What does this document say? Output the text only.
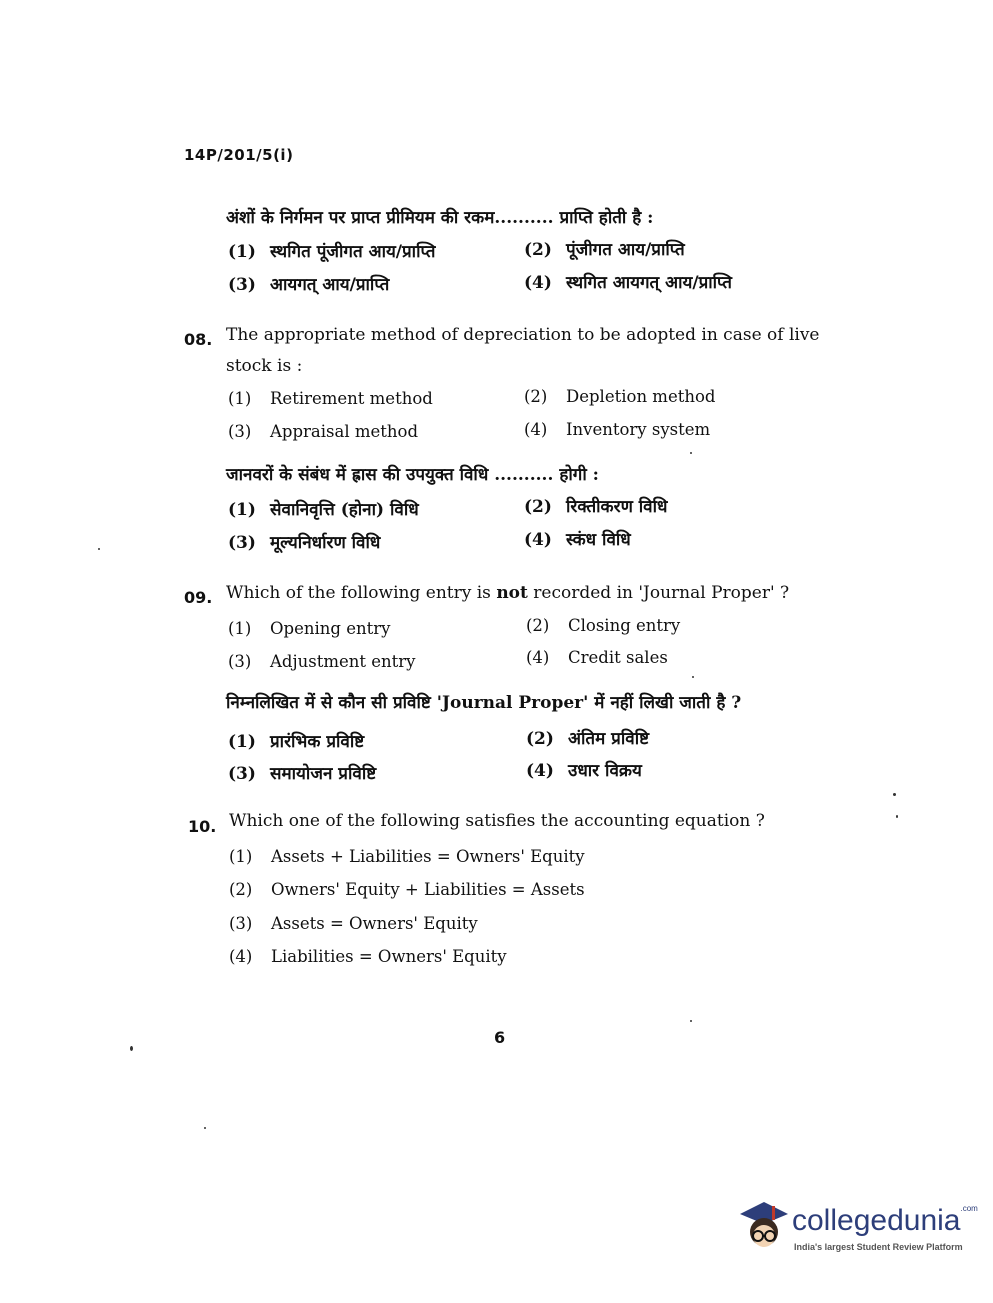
14P/201/5(i)
अंशों के निर्गमन पर प्राप्त प्रीमियम की रकम.......... प्राप्ति होती है :
(1) स्थगित पूंजीगत आय/प्राप्ति	(2) पूंजीगत आय/प्राप्ति
(3) आयगत् आय/प्राप्ति	(4) स्थगित आयगत् आय/प्राप्ति
08. The appropriate method of depreciation to be adopted in case of live
stock is :
(1) Retirement method	(2) Depletion method
(3) Appraisal method	(4) Inventory system
जानवरों के संबंध में ह्रास की उपयुक्त विधि .......... होगी :
(1) सेवानिवृत्ति (होना) विधि	(2) रिक्तीकरण विधि
(3) मूल्यनिर्धारण विधि	(4) स्कंध विधि
09. Which of the following entry is not recorded in 'Journal Proper' ?
(1) Opening entry	(2) Closing entry
(3) Adjustment entry	(4) Credit sales
निम्नलिखित में से कौन सी प्रविष्टि 'Journal Proper' में नहीं लिखी जाती है ?
(1) प्रारंभिक प्रविष्टि	(2) अंतिम प्रविष्टि
(3) समायोजन प्रविष्टि	(4) उधार विक्रय
10. Which one of the following satisfies the accounting equation ?
(1) Assets + Liabilities = Owners' Equity
(2) Owners' Equity + Liabilities = Assets
(3) Assets = Owners' Equity
(4) Liabilities = Owners' Equity
6
collegedunia$^{.com}$
India's largest Student Review Platform
